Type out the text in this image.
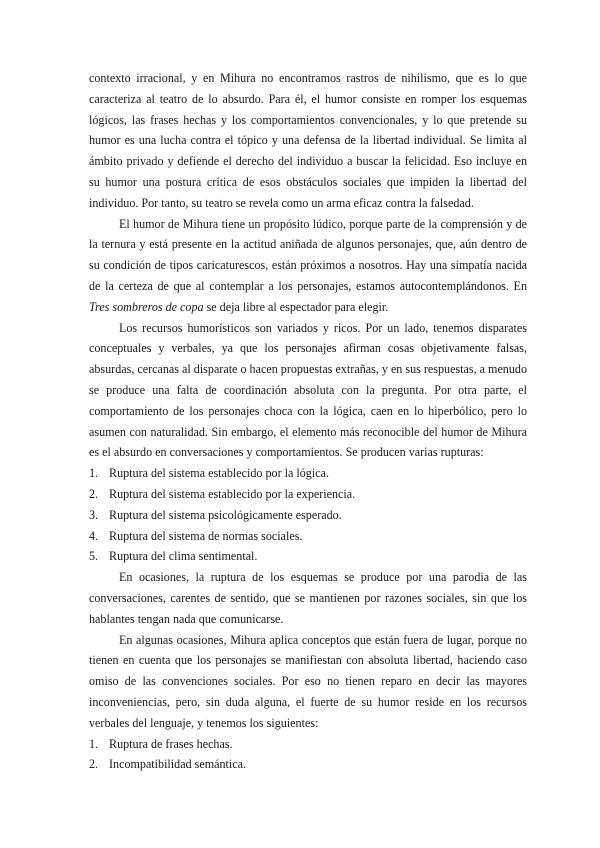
contexto irracional, y en Mihura no encontramos rastros de nihilismo, que es lo que caracteriza al teatro de lo absurdo. Para él, el humor consiste en romper los esquemas lógicos, las frases hechas y los comportamientos convencionales, y lo que pretende su humor es una lucha contra el tópico y una defensa de la libertad individual. Se limita al ámbito privado y defiende el derecho del individuo a buscar la felicidad. Eso incluye en su humor una postura crítica de esos obstáculos sociales que impiden la libertad del individuo. Por tanto, su teatro se revela como un arma eficaz contra la falsedad.

El humor de Mihura tiene un propósito lúdico, porque parte de la comprensión y de la ternura y está presente en la actitud aniñada de algunos personajes, que, aún dentro de su condición de tipos caricaturescos, están próximos a nosotros. Hay una simpatía nacida de la certeza de que al contemplar a los personajes, estamos autocontemplándonos. En Tres sombreros de copa se deja libre al espectador para elegir.

Los recursos humorísticos son variados y ricos. Por un lado, tenemos disparates conceptuales y verbales, ya que los personajes afirman cosas objetivamente falsas, absurdas, cercanas al disparate o hacen propuestas extrañas, y en sus respuestas, a menudo se produce una falta de coordinación absoluta con la pregunta. Por otra parte, el comportamiento de los personajes choca con la lógica, caen en lo hiperbólico, pero lo asumen con naturalidad. Sin embargo, el elemento más reconocible del humor de Mihura es el absurdo en conversaciones y comportamientos. Se producen varias rupturas:

1. Ruptura del sistema establecido por la lógica.
2. Ruptura del sistema establecido por la experiencia.
3. Ruptura del sistema psicológicamente esperado.
4. Ruptura del sistema de normas sociales.
5. Ruptura del clima sentimental.

En ocasiones, la ruptura de los esquemas se produce por una parodia de las conversaciones, carentes de sentido, que se mantienen por razones sociales, sin que los hablantes tengan nada que comunicarse.

En algunas ocasiones, Mihura aplica conceptos que están fuera de lugar, porque no tienen en cuenta que los personajes se manifiestan con absoluta libertad, haciendo caso omiso de las convenciones sociales. Por eso no tienen reparo en decir las mayores inconveniencias, pero, sin duda alguna, el fuerte de su humor reside en los recursos verbales del lenguaje, y tenemos los siguientes:

1. Ruptura de frases hechas.
2. Incompatibilidad semántica.
